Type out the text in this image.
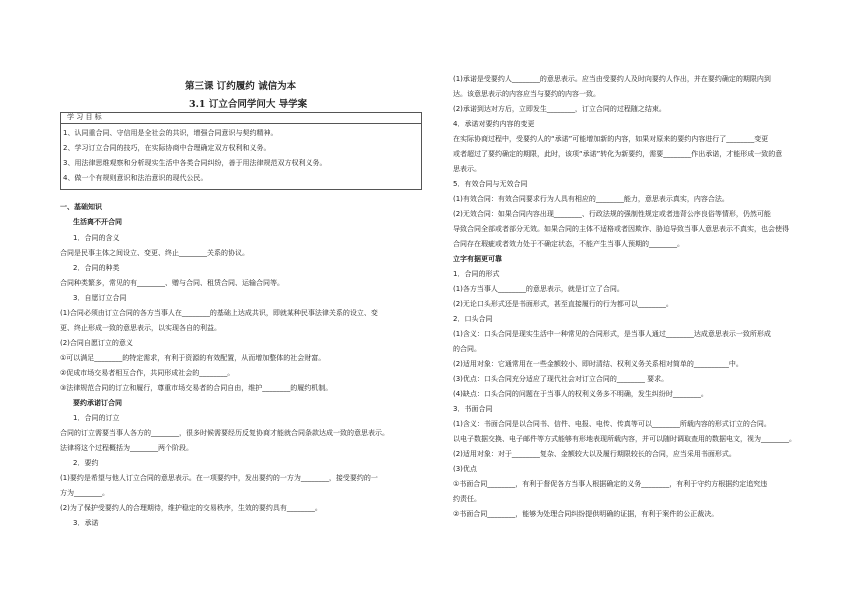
第三课 订约履约 诚信为本
3.1 订立合同学问大 导学案
学 习 目 标
1、认同重合同、守信用是全社会的共识，增强合同意识与契约精神。
2、学习订立合同的技巧，在实际协商中合理确定双方权利和义务。
3、用法律思维观察和分析现实生活中各类合同纠纷，善于用法律规范双方权利义务。
4、做一个有规则意识和法治意识的现代公民。
一、基础知识
生活离不开合同
1．合同的含义
合同是民事主体之间设立、变更、终止________关系的协议。
2．合同的种类
合同种类繁多，常见的有________、赠与合同、租赁合同、运输合同等。
3．自愿订立合同
(1)合同必须由订立合同的各方当事人在________的基础上达成共识，即就某种民事法律关系的设立、变
更、终止形成一致的意思表示，以实现各自的利益。
(2)合同自愿订立的意义
①可以满足________的特定需求，有利于资源的有效配置，从而增加整体的社会财富。
②促成市场交易者相互合作，共同形成社会的________。
③法律规范合同的订立和履行，尊重市场交易者的合同自由，维护________的履约机制。
要约承诺订合同
1．合同的订立
合同的订立需要当事人各方的________，很多时候需要经历反复协商才能就合同条款达成一致的意思表示。
法律将这个过程概括为________两个阶段。
2．要约
(1)要约是希望与他人订立合同的意思表示。在一项要约中，发出要约的一方为________，接受要约的一
方为________。
(2)为了保护受要约人的合理期待，维护稳定的交易秩序，生效的要约具有________。
3．承诺
(1)承诺是受要约人________的意思表示。应当由受要约人及时向要约人作出，并在要约确定的期限内到
达。该意思表示的内容应当与要约的内容一致。
(2)承诺到达对方后，立即发生________，订立合同的过程随之结束。
4．承诺对要约内容的变更
在实际协商过程中，受要约人的“承诺”可能增加新的内容，如果对原来的要约内容进行了________变更
或者超过了要约确定的期限，此时，该项“承诺”转化为新要约，需要________作出承诺，才能形成一致的意
思表示。
5．有效合同与无效合同
(1)有效合同：有效合同要求行为人具有相应的________能力，意思表示真实，内容合法。
(2)无效合同：如果合同内容出现________、行政法规的强制性规定或者违背公序良俗等情形，仍然可能
导致合同全部或者部分无效。如果合同的主体不适格或者因欺诈、胁迫导致当事人意思表示不真实，也会使得
合同存在瑕疵或者效力处于不确定状态，不能产生当事人预期的________。
立字有据更可靠
1．合同的形式
(1)各方当事人________的意思表示，就是订立了合同。
(2)无论口头形式还是书面形式，甚至直接履行的行为都可以________。
2．口头合同
(1)含义：口头合同是现实生活中一种常见的合同形式，是当事人通过________达成意思表示一致所形成
的合同。
(2)适用对象：它通常用在一些金额较小、即时清结、权利义务关系相对简单的__________中。
(3)优点：口头合同充分适应了现代社会对订立合同的________ 要求。
(4)缺点：口头合同的问题在于当事人的权利义务多不明确，发生纠纷时________。
3．书面合同
(1)含义：书面合同是以合同书、信件、电报、电传、传真等可以________所载内容的形式订立的合同。
以电子数据交换、电子邮件等方式能够有形地表现所载内容，并可以随时调取查用的数据电文，视为________。
(2)适用对象：对于________复杂、金额较大以及履行期限较长的合同，应当采用书面形式。
(3)优点
①书面合同________，有利于督促各方当事人根据确定的义务________，有利于守约方根据约定追究违
约责任。
②书面合同________，能够为处理合同纠纷提供明确的证据，有利于案件的公正裁决。
